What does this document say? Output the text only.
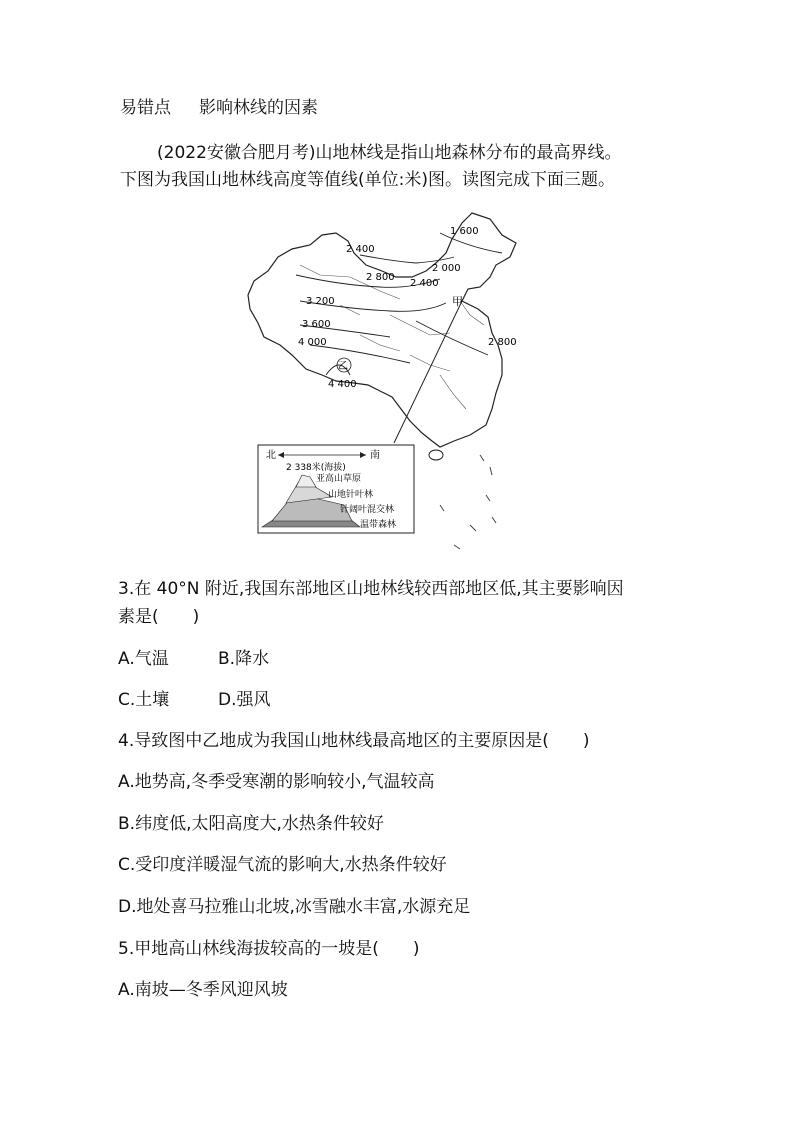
易错点 影响林线的因素
(2022安徽合肥月考)山地林线是指山地森林分布的最高界线。
下图为我国山地林线高度等值线(单位:米)图。读图完成下面三题。
1 600
2 400
2 800
2 000
2 400
3 200
3 600
4 000	2 800
4 400
甲
乙
北	南
2 338米(海拔)
亚高山草原
山地针叶林
针阔叶混交林
温带森林
3.在 40°N 附近,我国东部地区山地林线较西部地区低,其主要影响因
素是(　　)
A.气温	B.降水
C.土壤	D.强风
4.导致图中乙地成为我国山地林线最高地区的主要原因是(　　)
A.地势高,冬季受寒潮的影响较小,气温较高
B.纬度低,太阳高度大,水热条件较好
C.受印度洋暖湿气流的影响大,水热条件较好
D.地处喜马拉雅山北坡,冰雪融水丰富,水源充足
5.甲地高山林线海拔较高的一坡是(　　)
A.南坡—冬季风迎风坡
